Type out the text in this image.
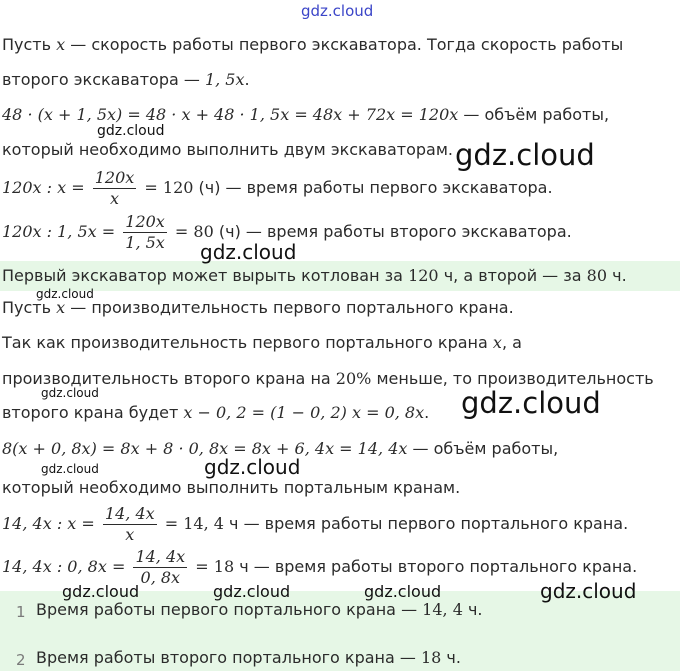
gdz.cloud
Пусть x — скорость работы первого экскаватора. Тогда скорость работы
второго экскаватора — 1, 5x.
48 · (x + 1, 5x) = 48 · x + 48 · 1, 5x = 48x + 72x = 120x — объём работы,
который необходимо выполнить двум экскаваторам.
120x : $x = \frac{120x}{x} = 120$ (ч) — время работы первого экскаватора.
120x : 1, $5x = \frac{120x}{1, 5x} = 80$ (ч) — время работы второго экскаватора.
Первый экскаватор может вырыть котлован за 120 ч, а второй — за 80 ч.
Пусть x — производительность первого портального крана.
Так как производительность первого портального крана x, а
производительность второго крана на 20% меньше, то производительность
второго крана будет x − 0, 2 = (1 − 0, 2) x = 0, 8x.
8(x + 0, 8x) = 8x + 8 · 0, 8x = 8x + 6, 4x = 14, 4x — объём работы,
который необходимо выполнить портальным кранам.
14, 4x : $x = \frac{14, 4x}{x} = 14$, 4 ч — время работы первого портального крана.
14, 4x : 0, $8x = \frac{14, 4x}{0, 8x} = 18$ ч — время работы второго портального крана.
1 Время работы первого портального крана — 14, 4 ч.
2 Время работы второго портального крана — 18 ч.
gdz.cloud
gdz.cloud
gdz.cloud
gdz.cloud
gdz.cloud	gdz.cloud
gdz.cloud	gdz.cloud
gdz.cloud	gdz.cloud	gdz.cloud	gdz.cloud
